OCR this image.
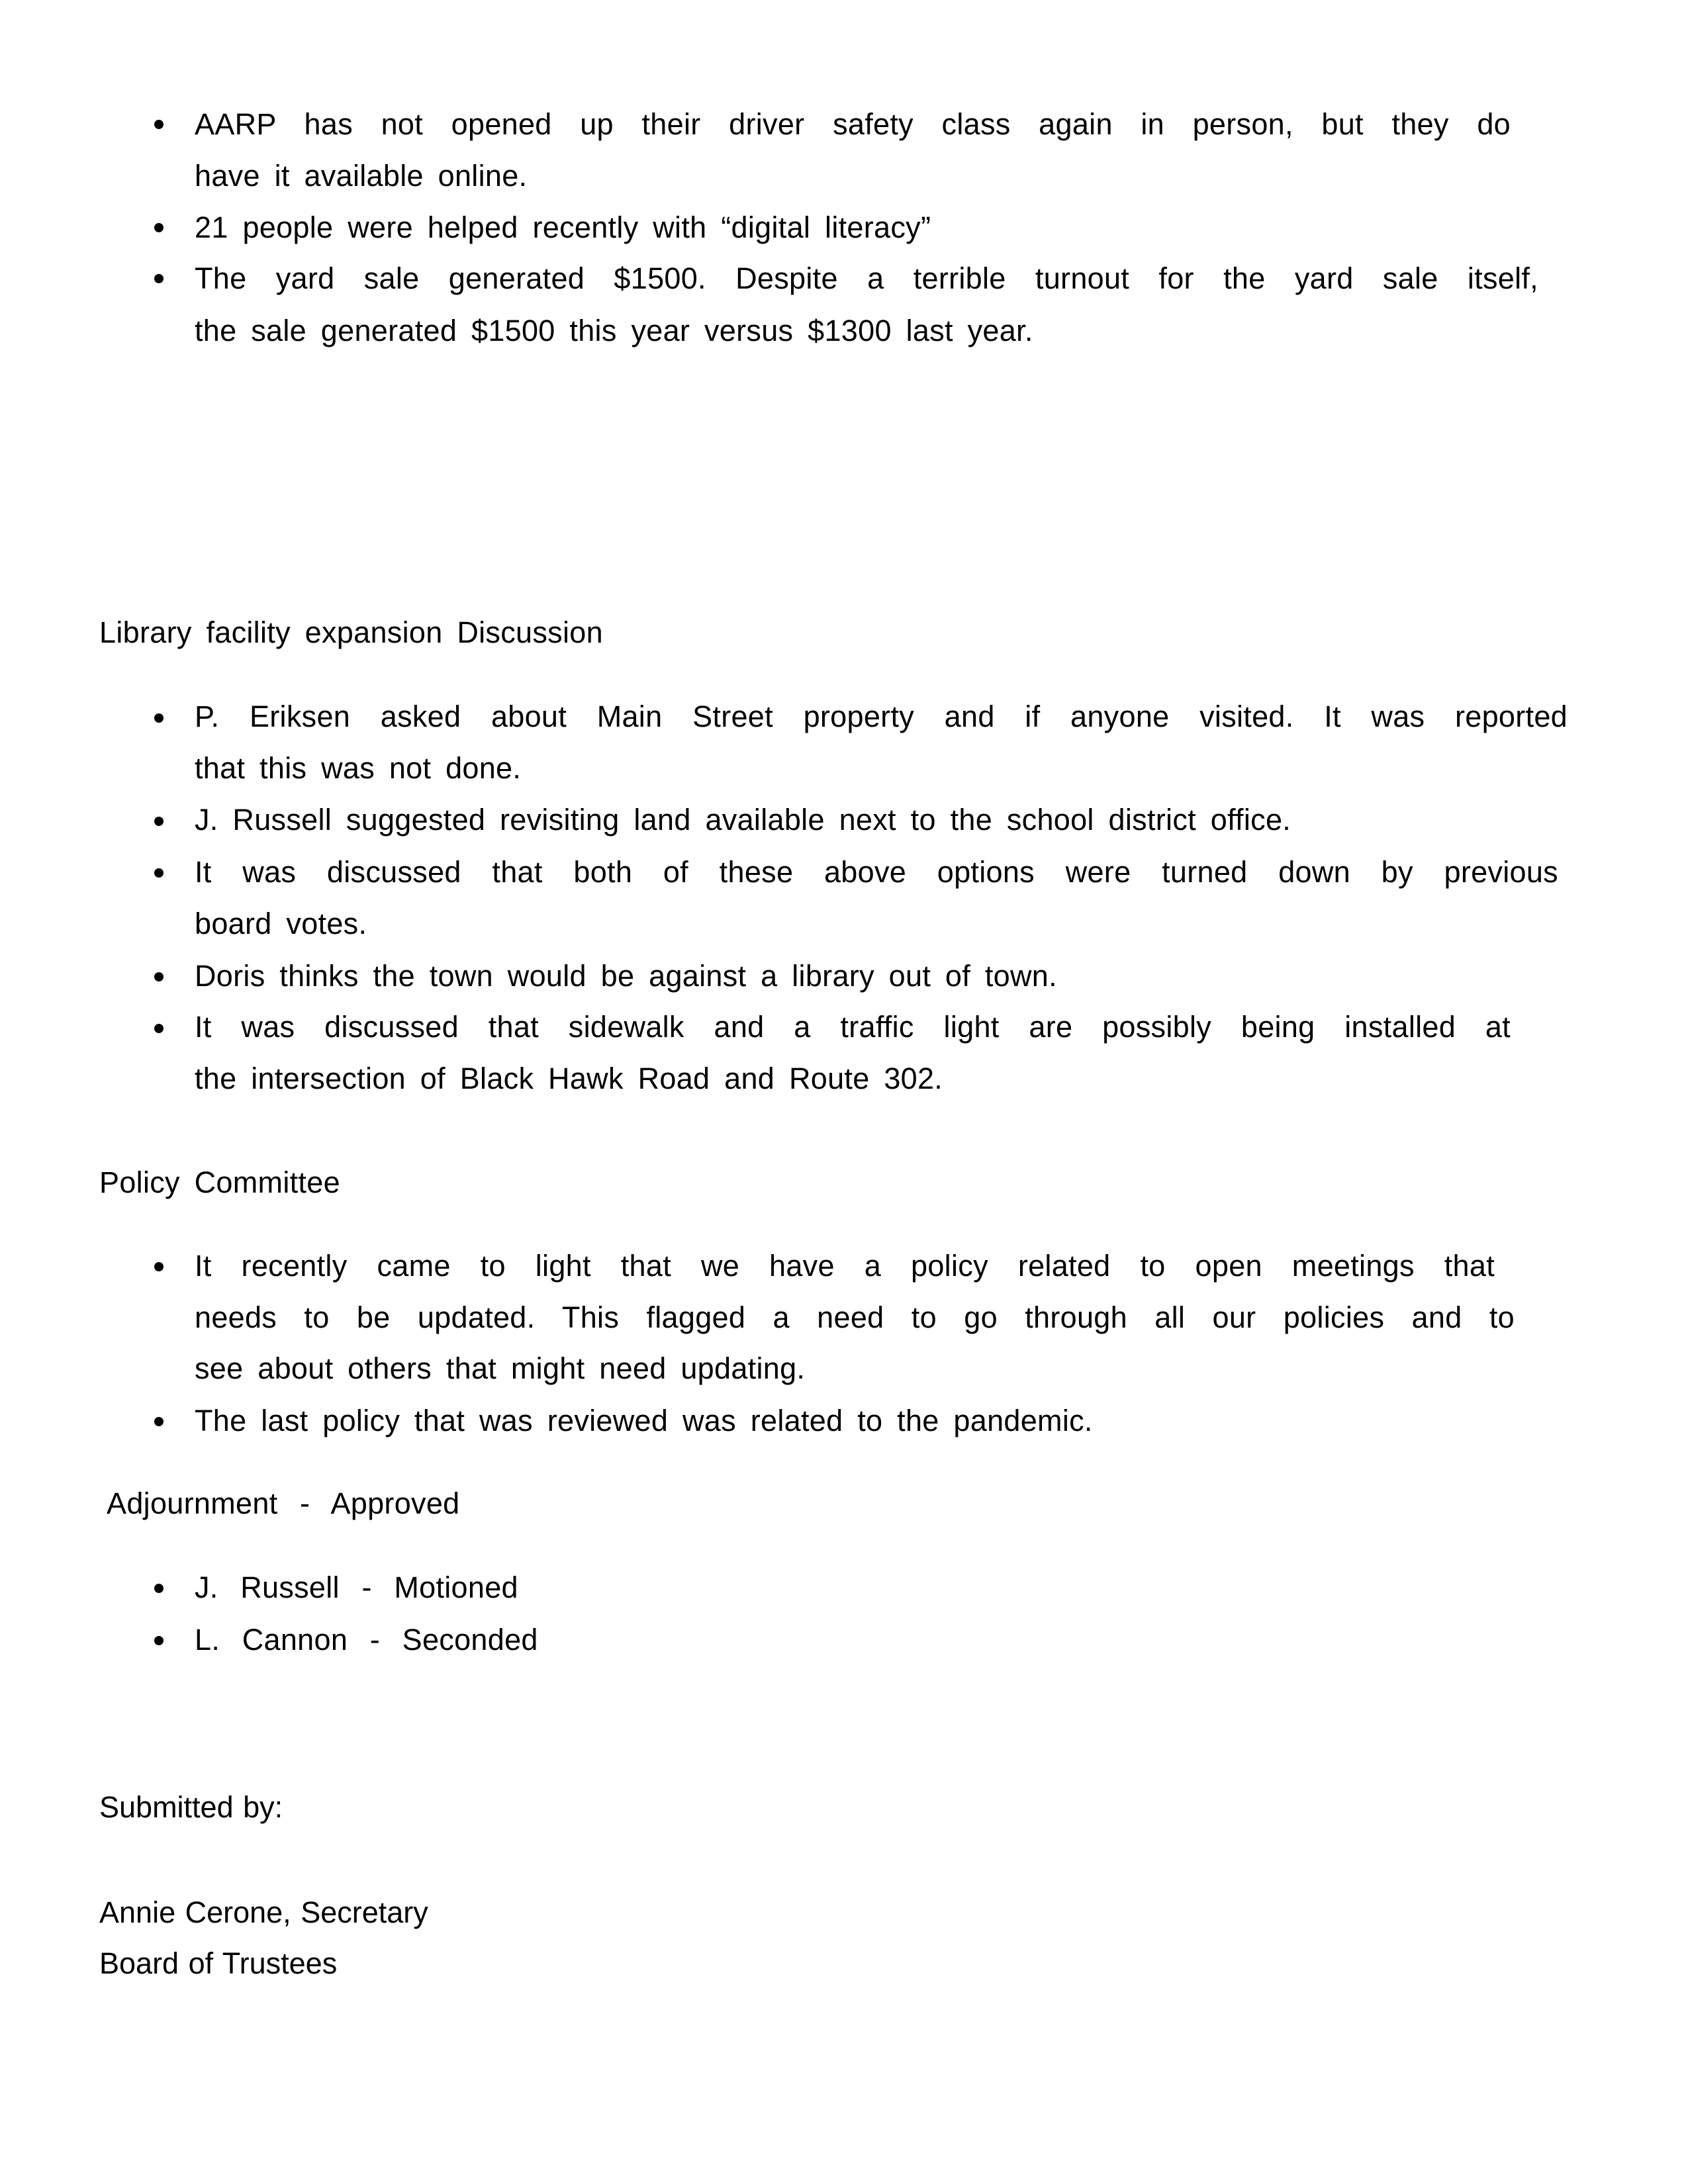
AARP has not opened up their driver safety class again in person, but they do
have it available online.
21 people were helped recently with “digital literacy”
The yard sale generated $1500. Despite a terrible turnout for the yard sale itself,
the sale generated $1500 this year versus $1300 last year.
Library facility expansion Discussion
P. Eriksen asked about Main Street property and if anyone visited. It was reported
that this was not done.
J. Russell suggested revisiting land available next to the school district office.
It was discussed that both of these above options were turned down by previous
board votes.
Doris thinks the town would be against a library out of town.
It was discussed that sidewalk and a traffic light are possibly being installed at
the intersection of Black Hawk Road and Route 302.
Policy Committee
It recently came to light that we have a policy related to open meetings that
needs to be updated. This flagged a need to go through all our policies and to
see about others that might need updating.
The last policy that was reviewed was related to the pandemic.
Adjournment  -  Approved
J.  Russell  -  Motioned
L.  Cannon  -  Seconded
Submitted by:
Annie Cerone, Secretary
Board of Trustees
